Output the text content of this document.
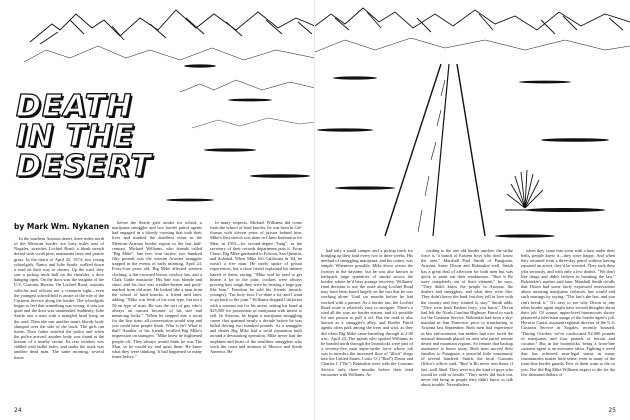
DEATH
IN THE
DESERT
by Mark Wm. Nykanen

In the southern Arizona desert, three miles north of the Mexican border, are forty miles east of Nogales, stretches Lochiel Road: a bleak stretch dotted with scrub pine, manzanita trees and prairie grass. In the dawn of April 25, 1974, two young schoolgirls, Nancy and Julie Searle, walked down a road on their way to classes. Up the road, they saw a pickup truck half on the shoulder, a door hanging open. On the door was the insignia of the U.S. Customs Bureau. On Lochiel Road, customs vehicles and officers are a common sight—even the youngest schoolchild is aware of the role of the Customs Service along the border. The schoolgirls began to feel that something was wrong: it was too quiet and the door was unattended. Suddenly, Julie Searle saw a man with a mangled head lying on the road. Then she saw another man's bloody body slumped over the side of the truck. The girls ran home. Their father notified the police and when the police arrived, another body was found at the bottom of a nearby ravine. Its rear window was riddled with bullet holes, and under the truck was another dead man. The same morning, several hours

before the Searle girls awoke for school, a marijuana smuggler and two border patrol agents had engaged in a bloody crossing that took their lives and marked the deadliest event in the Mexican-Arizona border region in the last half-century. Michael Williams, who friends called "Big Mike", late feet, four inches, two hundred fifty pounds was the veteran Arizona smuggler trapped in the events of early morning, April 24. Forty-four years old, Big Mike affected western clothing, a flat-crowned brown cowboy hat, and a Clark Gable mustache. His hair was blonde and short, and his face was weather-beaten and pock-marked from old acne. He looked like a man from the school of hard knocks, a friend said later, adding, "Mike was fresh of his own type, but not a 50-on type of man. He was the sort of guy who's always an outcast because of his size and menacing looks." "When he stepped into a room for the first time, all conversation would stop and you could hear people think. Who is he? What is that? Another of his friends recalled Big Mike's impression on strangers. "Mike knew he frightened people off. They always would think he was The Man, so he would try and quiet them. He knew what they were thinking. It had happened so many times before."

In many respects, Michael Williams did come from the school of hard knocks; he was born in Cal-ifornia with eleven years of prison behind him. Mike's first stretch was done in Chino Institution for Men, in 1953—for second-degree "burg", as the secretary of their records department puts it. From Chino, Big Mike graduated to Folsom, San Quentin, and Soledad. When Mike left California in '64, he wasn't a free man. He rarely spoke of prison experiences, but a close friend explained his intense hatred of them, saying: "Mike said he used to get beaten a lot in the joint; cookies were always proving how tough they were by beating a large guy like him." Freedom he told his friends (mostly younger), "I'm forty-four, I've done a lot, and I want to go back to the joint." Williams skipped California with a warrant out for his arrest, setting his bond at $25,000 for possession of marijuana with intent to sell. In Arizona, he began a marijuana smuggling career that spanned nearly a decade before he was killed driving two hundred pounds. As a smuggler and dealer Big Mike had a solid reputation built around a devastating operation. Mike never had the airplanes and boats of the wealthier smugglers who work the coast and avenues of Mexico and South America. He

24

had only a small camper and a pickup truck for bringing up their load every two or three weeks. His method of smuggling marijuana, and his routes, was simple. Whenever possible, Mike drove across the frontier in the daytime, but he was also known to backpack large quantities of smoke across the border, where he'd later arrange recovery. Williams' final decision to use the route along Lochiel Road may have been based largely on the fact that he was working alone. Until six months before he had worked with a partner. As a border run, the Lochiel Road route is relatively easy to navigate. There's a road all the way, no border station, and it's possible for one person to pull it off. But the road is also known as a smuggler's alley, and Border Patrol agents often park among the trees and wait, as they did when Big Mike came barreling through at 2:00 a.m., April 24. The agents who spotted Williams as he headed north through the boondocks were part of a seventy-five man super-strike force whose job was to interdict the increased flow of "illicit" drugs into the United States. Louis O. ("Bud") Dixon and Charles J. ("Bo") Bokinskie were with the Customs Service only three months before their fatal encounter with Williams. Ac-

cording to the one old border rancher, the strike force is "a bunch of Eastern boys who don't know the area." Marshall Paul Smith of Patagonia, Arizona, knew Dixon and Bokinskie well. Smith has a great deal of affection for both men but was quick to point out their weaknesses. "Bud 'n Bo were completely out of their element," he says. "They didn't know the people in Arizona, the dealers and smugglers, and what they were like. They didn't know the land, but they fell in love with the country and they wanted to stay." Smith adds, "They were both Eastern boys, you know." Dixon had left the North Carolina Highway Patrol to work for the Customs Service. Bokinskie had been a sky-marshal in San Francisco prior to transferring to Arizona last September. Both men had experience in law enforcement, but neither had ever faced the unusual demands placed on men who patrol remote desert and mountain regions. So remote that backup assistance is hours away. Both men moved their families to Patagonia, a peaceful little community of several hundred. Smith, the local Customs Office's officer said, "Bud 'n Bo never met them, if fact, well liked. They were not the kind of guys who would be cold or hostile." They never did back out, never did bring in people they didn't know to talk about trouble. Nevertheless

when they came into town with a bust under their belts, people knew it—they were happy. And when they returned from a three-day patrol without having reported an arrest, they'd be worried. They took their jobs seriously, and with only a few doubts. "We don't like drugs and didn't believe in breaking the law," Bokinskie's mother said later. Marshall Smith recalls that Dixon had some fairly expressed reservations about arresting marijuana violators, but would end such musings by saying, "The law's the law, and you can't break it." It's easy to see why Dixon or any other border agent might have second thoughts about their job. Of course, upper-level bureaucrats showy plastered a television image of the border agent's job. Horacio Cantú, assistant regional director of the U.S. Customs Service in Nogales, recently boasted, "During October, we've confiscated 82,000 pounds of marijuana, and four pounds of heroin and cocaine." But in the boondocks, being a front-line customs agent is an awesome affair. Fighting a weed that has achieved near-legal status in many communities makes little sense, even to many of the front-line border guards. Few of them want to die so you. Nor did Big Mike Williams expect to die for the few thousand dollars of

25
